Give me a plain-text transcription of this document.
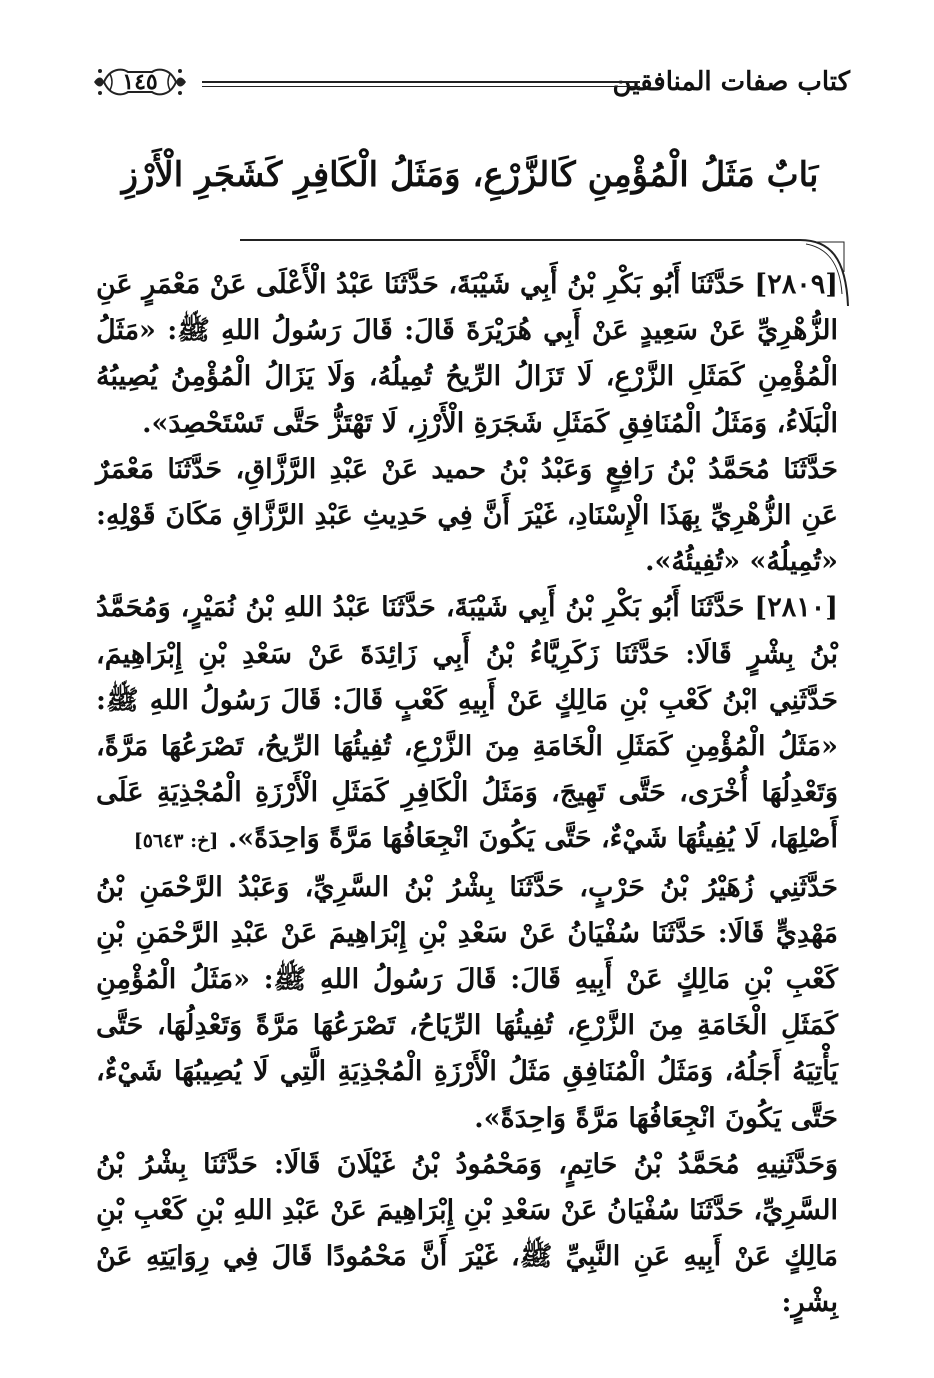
كتاب صفات المنافقين
١٤٥
بَابٌ مَثَلُ الْمُؤْمِنِ كَالزَّرْعِ، وَمَثَلُ الْكَافِرِ كَشَجَرِ الْأَرْزِ

[٢٨٠٩] حَدَّثَنَا أَبُو بَكْرِ بْنُ أَبِي شَيْبَةَ، حَدَّثَنَا عَبْدُ الْأَعْلَى عَنْ مَعْمَرٍ عَنِ الزُّهْرِيِّ عَنْ سَعِيدٍ عَنْ أَبِي هُرَيْرَةَ قَالَ: قَالَ رَسُولُ اللهِ ﷺ: «مَثَلُ الْمُؤْمِنِ كَمَثَلِ الزَّرْعِ، لَا تَزَالُ الرِّيحُ تُمِيلُهُ، وَلَا يَزَالُ الْمُؤْمِنُ يُصِيبُهُ الْبَلَاءُ، وَمَثَلُ الْمُنَافِقِ كَمَثَلِ شَجَرَةِ الْأَرْزِ، لَا تَهْتَزُّ حَتَّى تَسْتَحْصِدَ».

حَدَّثَنَا مُحَمَّدُ بْنُ رَافِعٍ وَعَبْدُ بْنُ حميد عَنْ عَبْدِ الرَّزَّاقِ، حَدَّثَنَا مَعْمَرٌ عَنِ الزُّهْرِيِّ بِهَذَا الْإِسْنَادِ، غَيْرَ أَنَّ فِي حَدِيثِ عَبْدِ الرَّزَّاقِ مَكَانَ قَوْلِهِ: «تُمِيلُهُ» «تُفِيئُهُ».

[٢٨١٠] حَدَّثَنَا أَبُو بَكْرِ بْنُ أَبِي شَيْبَةَ، حَدَّثَنَا عَبْدُ اللهِ بْنُ نُمَيْرٍ، وَمُحَمَّدُ بْنُ بِشْرٍ قَالَا: حَدَّثَنَا زَكَرِيَّاءُ بْنُ أَبِي زَائِدَةَ عَنْ سَعْدِ بْنِ إِبْرَاهِيمَ، حَدَّثَنِي ابْنُ كَعْبِ بْنِ مَالِكٍ عَنْ أَبِيهِ كَعْبٍ قَالَ: قَالَ رَسُولُ اللهِ ﷺ: «مَثَلُ الْمُؤْمِنِ كَمَثَلِ الْخَامَةِ مِنَ الزَّرْعِ، تُفِيئُهَا الرِّيحُ، تَصْرَعُهَا مَرَّةً، وَتَعْدِلُهَا أُخْرَى، حَتَّى تَهِيجَ، وَمَثَلُ الْكَافِرِ كَمَثَلِ الْأَرْزَةِ الْمُجْذِيَةِ عَلَى أَصْلِهَا، لَا يُفِيئُهَا شَيْءٌ، حَتَّى يَكُونَ انْجِعَافُهَا مَرَّةً وَاحِدَةً». [خ: ٥٦٤٣]

حَدَّثَنِي زُهَيْرُ بْنُ حَرْبٍ، حَدَّثَنَا بِشْرُ بْنُ السَّرِيِّ، وَعَبْدُ الرَّحْمَنِ بْنُ مَهْدِيٍّ قَالَا: حَدَّثَنَا سُفْيَانُ عَنْ سَعْدِ بْنِ إِبْرَاهِيمَ عَنْ عَبْدِ الرَّحْمَنِ بْنِ كَعْبِ بْنِ مَالِكٍ عَنْ أَبِيهِ قَالَ: قَالَ رَسُولُ اللهِ ﷺ: «مَثَلُ الْمُؤْمِنِ كَمَثَلِ الْخَامَةِ مِنَ الزَّرْعِ، تُفِيئُهَا الرِّيَاحُ، تَصْرَعُهَا مَرَّةً وَتَعْدِلُهَا، حَتَّى يَأْتِيَهُ أَجَلُهُ، وَمَثَلُ الْمُنَافِقِ مَثَلُ الْأَرْزَةِ الْمُجْذِيَةِ الَّتِي لَا يُصِيبُهَا شَيْءٌ، حَتَّى يَكُونَ انْجِعَافُهَا مَرَّةً وَاحِدَةً».

وَحَدَّثَنِيهِ مُحَمَّدُ بْنُ حَاتِمٍ، وَمَحْمُودُ بْنُ غَيْلَانَ قَالَا: حَدَّثَنَا بِشْرُ بْنُ السَّرِيِّ، حَدَّثَنَا سُفْيَانُ عَنْ سَعْدِ بْنِ إِبْرَاهِيمَ عَنْ عَبْدِ اللهِ بْنِ كَعْبِ بْنِ مَالِكٍ عَنْ أَبِيهِ عَنِ النَّبِيِّ ﷺ، غَيْرَ أَنَّ مَحْمُودًا قَالَ فِي رِوَايَتِهِ عَنْ بِشْرٍ:
